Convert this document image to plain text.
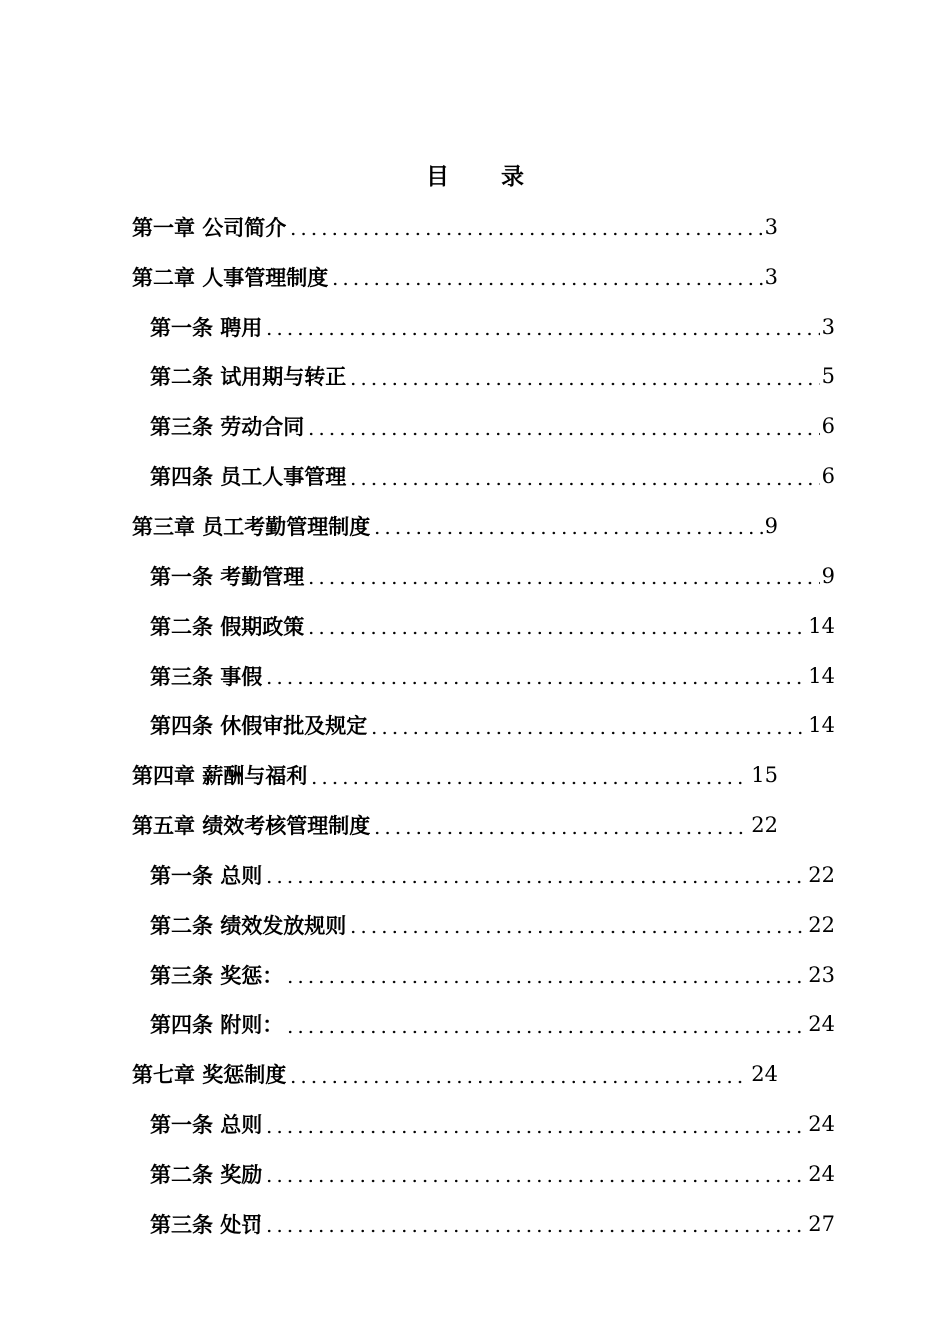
目 录
第一章 公司简介	3
第二章 人事管理制度	3
第一条 聘用	3
第二条 试用期与转正	5
第三条 劳动合同	6
第四条 员工人事管理	6
第三章 员工考勤管理制度	9
第一条 考勤管理	9
第二条 假期政策	14
第三条 事假	14
第四条 休假审批及规定	14
第四章 薪酬与福利	15
第五章 绩效考核管理制度	22
第一条 总则	22
第二条 绩效发放规则	22
第三条 奖惩：	23
第四条 附则：	24
第七章 奖惩制度	24
第一条 总则	24
第二条 奖励	24
第三条 处罚	27
